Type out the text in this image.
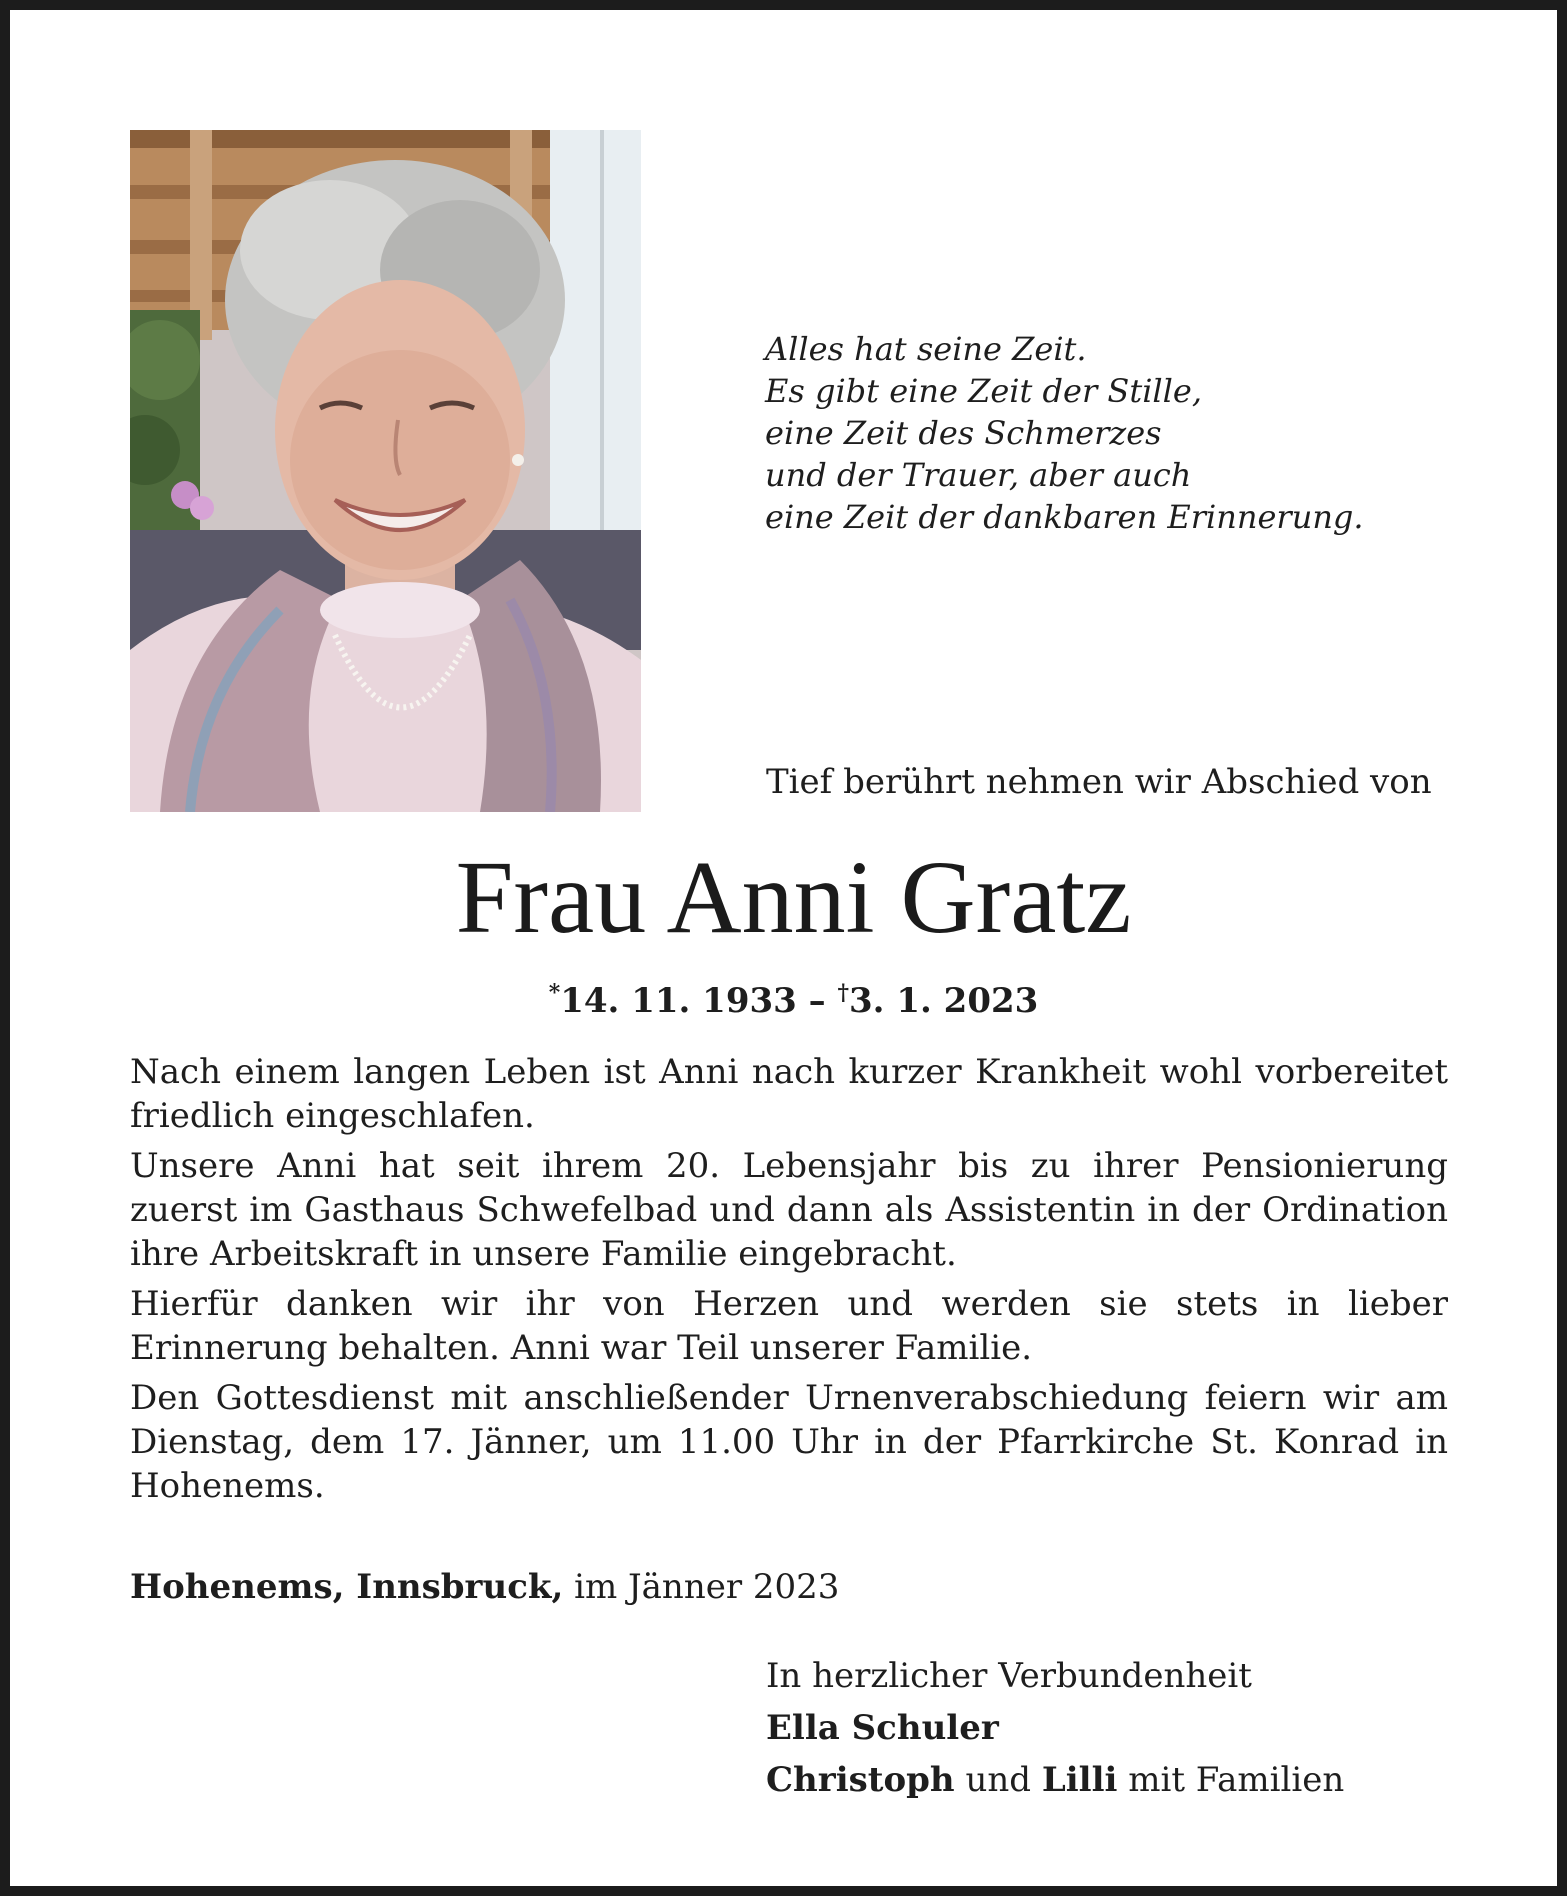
Alles hat seine Zeit.
Es gibt eine Zeit der Stille,
eine Zeit des Schmerzes
und der Trauer, aber auch
eine Zeit der dankbaren Erinnerung.
Tief berührt nehmen wir Abschied von
Frau Anni Gratz
*14. 11. 1933 – †3. 1. 2023

Nach einem langen Leben ist Anni nach kurzer Krankheit wohl vorbereitet friedlich eingeschlafen.

Unsere Anni hat seit ihrem 20. Lebensjahr bis zu ihrer Pensionierung zuerst im Gasthaus Schwefelbad und dann als Assistentin in der Ordination ihre Arbeitskraft in unsere Familie eingebracht.

Hierfür danken wir ihr von Herzen und werden sie stets in lieber Erinnerung behalten. Anni war Teil unserer Familie.

Den Gottesdienst mit anschließender Urnenverabschiedung feiern wir am Dienstag, dem 17. Jänner, um 11.00 Uhr in der Pfarrkirche St. Konrad in Hohenems.

Hohenems, Innsbruck, im Jänner 2023
In herzlicher Verbundenheit
Ella Schuler
Christoph und Lilli mit Familien
